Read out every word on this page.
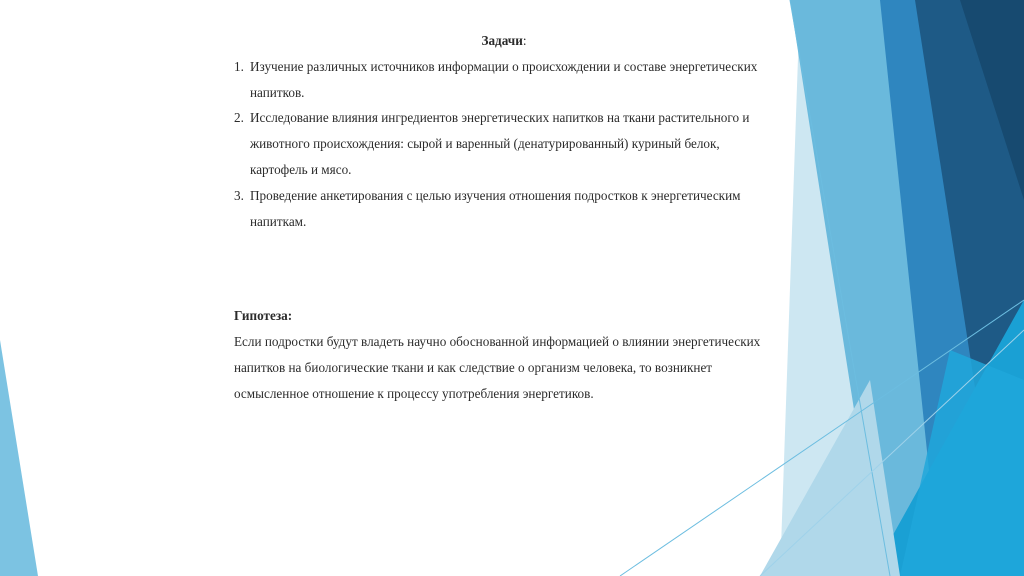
Задачи:

1. Изучение различных источников информации о происхождении и составе энергетических напитков.
2. Исследование влияния ингредиентов энергетических напитков на ткани растительного и животного происхождения: сырой и варенный (денатурированный) куриный белок, картофель и мясо.
3. Проведение анкетирования с целью изучения отношения подростков к энергетическим напиткам.

Гипотеза:

Если подростки будут владеть научно обоснованной информацией о влиянии энергетических напитков на биологические ткани и как следствие о организм человека, то возникнет осмысленное отношение к процессу употребления энергетиков.
